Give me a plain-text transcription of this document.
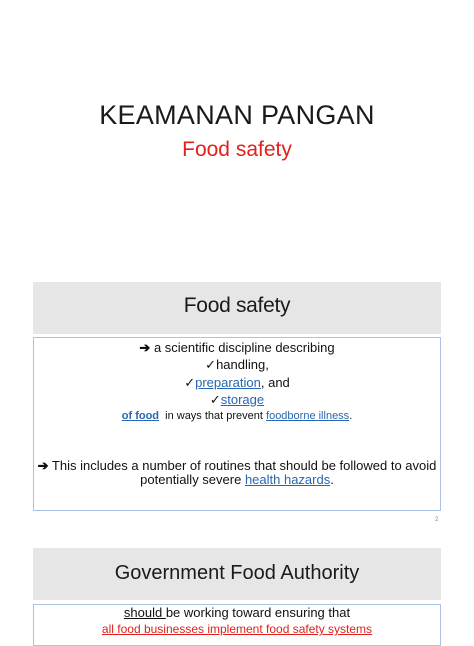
KEAMANAN PANGAN
Food safety
Food safety
➔ a scientific discipline describing
✓handling,
✓preparation, and
✓storage
of food  in ways that prevent foodborne illness.
➔ This includes a number of routines that should be followed to avoid
potentially severe health hazards.
2
Government Food Authority
should be working toward ensuring that
all food businesses implement food safety systems
